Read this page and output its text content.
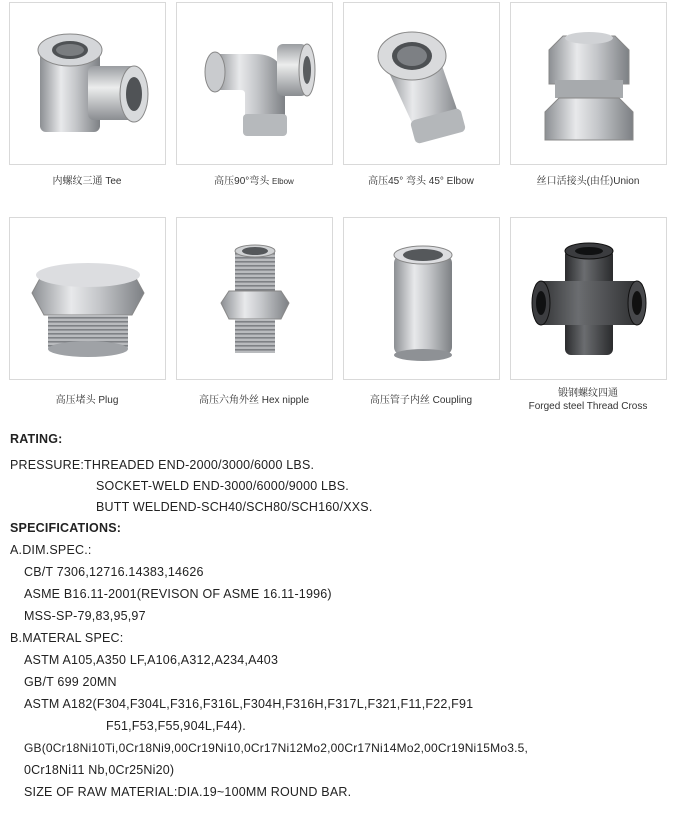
内螺纹三通 Tee	高压90°弯头 Elbow	高压45° 弯头 45° Elbow	丝口活接头(由任)Union
高压堵头 Plug	高压六角外丝 Hex nipple	高压管子内丝 Coupling
锻钢螺纹四通
Forged steel Thread Cross
RATING:
PRESSURE:THREADED END-2000/3000/6000 LBS.
SOCKET-WELD END-3000/6000/9000 LBS.
BUTT WELDEND-SCH40/SCH80/SCH160/XXS.
SPECIFICATIONS:
A.DIM.SPEC.:
CB/T 7306,12716.14383,14626
ASME B16.11-2001(REVISON OF ASME 16.11-1996)
MSS-SP-79,83,95,97
B.MATERAL SPEC:
ASTM A105,A350 LF,A106,A312,A234,A403
GB/T 699 20MN
ASTM A182(F304,F304L,F316,F316L,F304H,F316H,F317L,F321,F11,F22,F91
F51,F53,F55,904L,F44).
GB(0Cr18Ni10Ti,0Cr18Ni9,00Cr19Ni10,0Cr17Ni12Mo2,00Cr17Ni14Mo2,00Cr19Ni15Mo3.5,
0Cr18Ni11 Nb,0Cr25Ni20)
SIZE OF RAW MATERIAL:DIA.19~100MM ROUND BAR.
